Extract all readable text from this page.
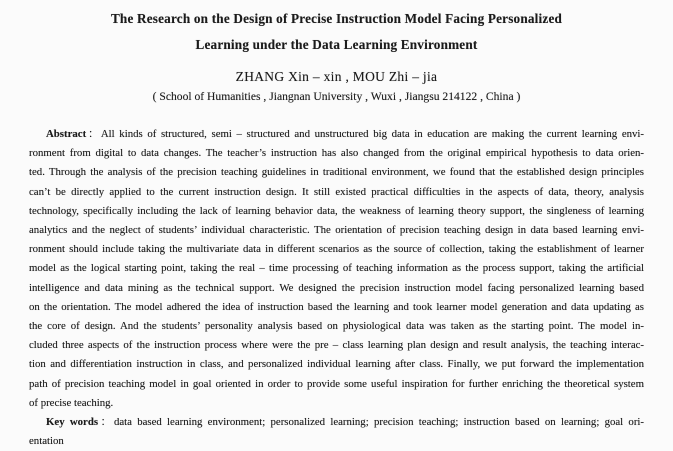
The Research on the Design of Precise Instruction Model Facing Personalized
Learning under the Data Learning Environment
ZHANG Xin – xin , MOU Zhi – jia
( School of Humanities , Jiangnan University , Wuxi , Jiangsu 214122 , China )
Abstract：All kinds of structured, semi – structured and unstructured big data in education are making the current learning envi-
ronment from digital to data changes. The teacher’s instruction has also changed from the original empirical hypothesis to data orien-
ted. Through the analysis of the precision teaching guidelines in traditional environment, we found that the established design principles
can’t be directly applied to the current instruction design. It still existed practical difficulties in the aspects of data, theory, analysis
technology, specifically including the lack of learning behavior data, the weakness of learning theory support, the singleness of learning
analytics and the neglect of students’ individual characteristic. The orientation of precision teaching design in data based learning envi-
ronment should include taking the multivariate data in different scenarios as the source of collection, taking the establishment of learner
model as the logical starting point, taking the real – time processing of teaching information as the process support, taking the artificial
intelligence and data mining as the technical support. We designed the precision instruction model facing personalized learning based
on the orientation. The model adhered the idea of instruction based the learning and took learner model generation and data updating as
the core of design. And the students’ personality analysis based on physiological data was taken as the starting point. The model in-
cluded three aspects of the instruction process where were the pre – class learning plan design and result analysis, the teaching interac-
tion and differentiation instruction in class, and personalized individual learning after class. Finally, we put forward the implementation
path of precision teaching model in goal oriented in order to provide some useful inspiration for further enriching the theoretical system
of precise teaching.
Key words：data based learning environment; personalized learning; precision teaching; instruction based on learning; goal ori-
entation
